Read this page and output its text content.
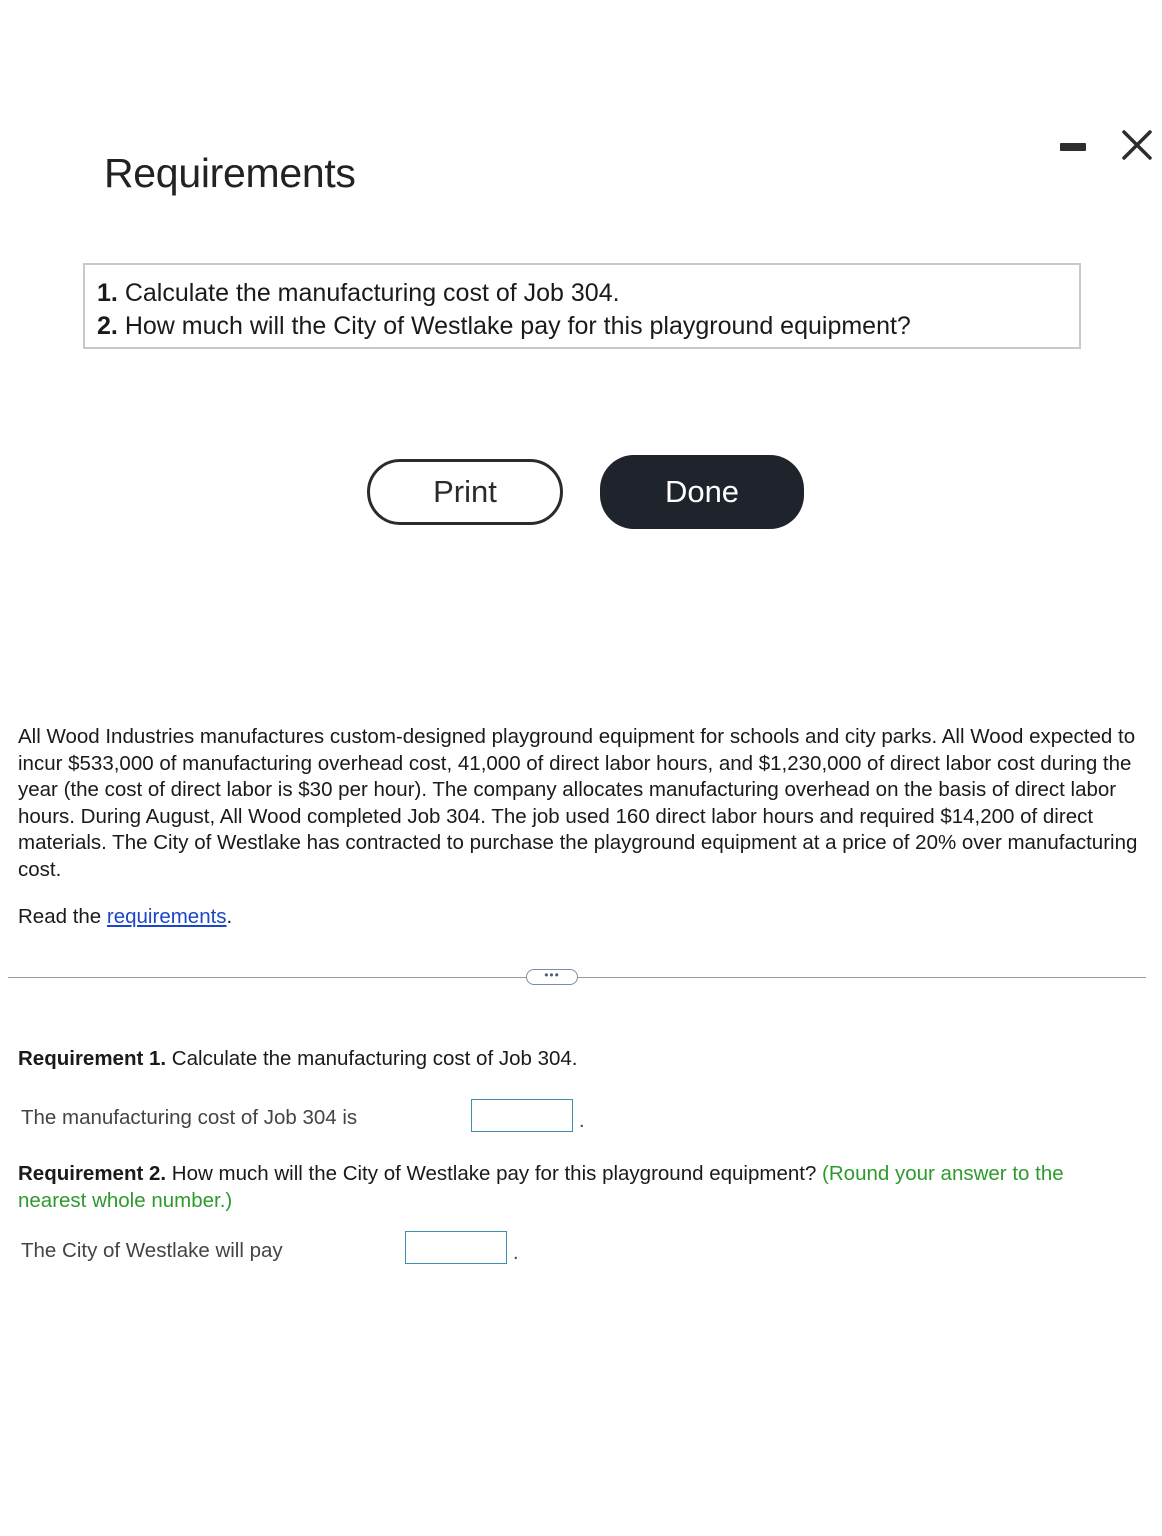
Requirements
1. Calculate the manufacturing cost of Job 304.
2. How much will the City of Westlake pay for this playground equipment?
Print	Done

All Wood Industries manufactures custom-designed playground equipment for schools and city parks. All Wood expected to incur $533,000 of manufacturing overhead cost, 41,000 of direct labor hours, and $1,230,000 of direct labor cost during the year (the cost of direct labor is $30 per hour). The company allocates manufacturing overhead on the basis of direct labor hours. During August, All Wood completed Job 304. The job used 160 direct labor hours and required $14,200 of direct materials. The City of Westlake has contracted to purchase the playground equipment at a price of 20% over manufacturing cost.

Read the requirements.

•••

Requirement 1. Calculate the manufacturing cost of Job 304.

The manufacturing cost of Job 304 is	.

Requirement 2. How much will the City of Westlake pay for this playground equipment? (Round your answer to the nearest whole number.)

The City of Westlake will pay	.
